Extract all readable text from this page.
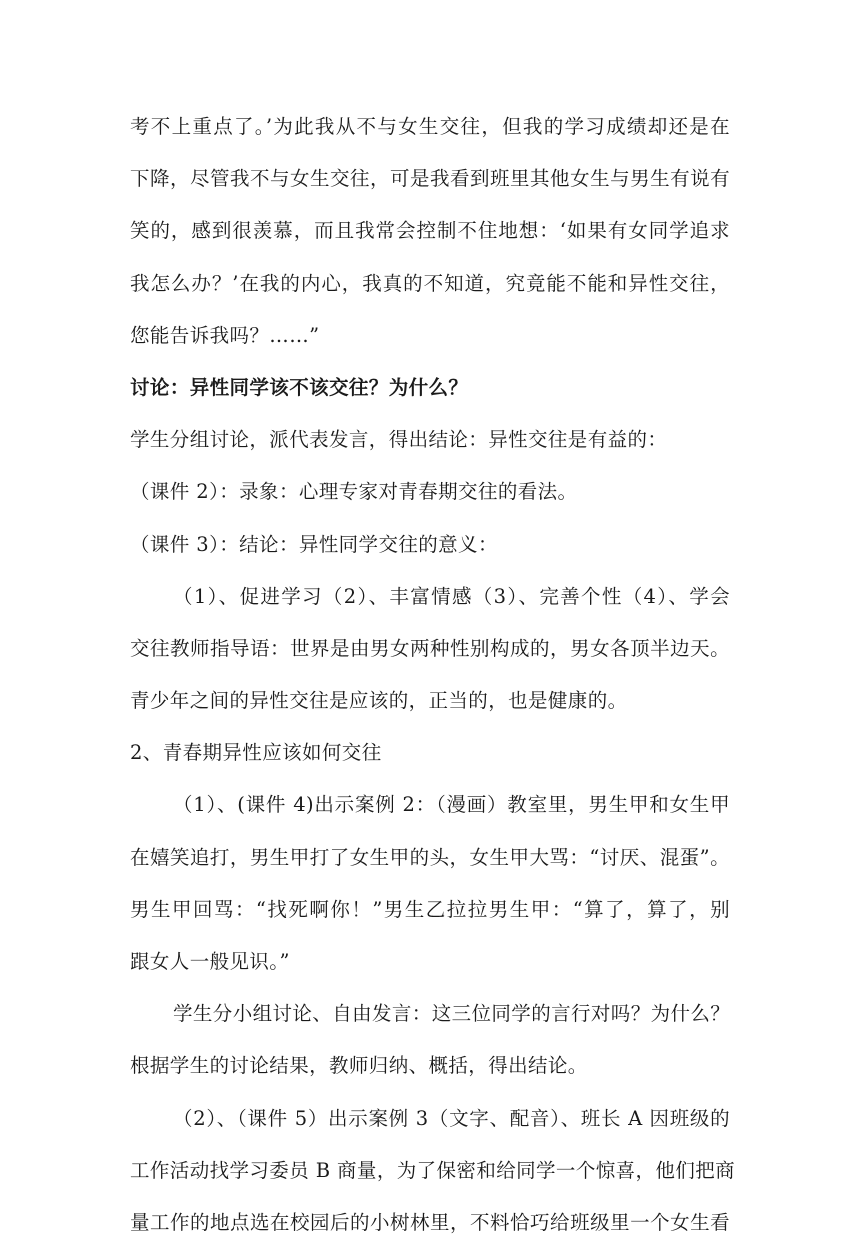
考不上重点了。’为此我从不与女生交往，但我的学习成绩却还是在
下降，尽管我不与女生交往，可是我看到班里其他女生与男生有说有
笑的，感到很羡慕，而且我常会控制不住地想：‘如果有女同学追求
我怎么办？’在我的内心，我真的不知道，究竟能不能和异性交往，
您能告诉我吗？……”
讨论：异性同学该不该交往？为什么？
学生分组讨论，派代表发言，得出结论：异性交往是有益的：
（课件 2）：录象：心理专家对青春期交往的看法。
（课件 3）：结论：异性同学交往的意义：
（1）、促进学习（2）、丰富情感（3）、完善个性（4）、学会
交往教师指导语：世界是由男女两种性别构成的，男女各顶半边天。
青少年之间的异性交往是应该的，正当的，也是健康的。
2、青春期异性应该如何交往
（1）、(课件 4)出示案例 2：（漫画）教室里，男生甲和女生甲
在嬉笑追打，男生甲打了女生甲的头，女生甲大骂：“讨厌、混蛋”。
男生甲回骂：“找死啊你！”男生乙拉拉男生甲：“算了，算了，别
跟女人一般见识。”
学生分小组讨论、自由发言：这三位同学的言行对吗？为什么？
根据学生的讨论结果，教师归纳、概括，得出结论。
（2）、（课件 5）出示案例 3（文字、配音）、班长 A 因班级的
工作活动找学习委员 B 商量，为了保密和给同学一个惊喜，他们把商
量工作的地点选在校园后的小树林里，不料恰巧给班级里一个女生看
